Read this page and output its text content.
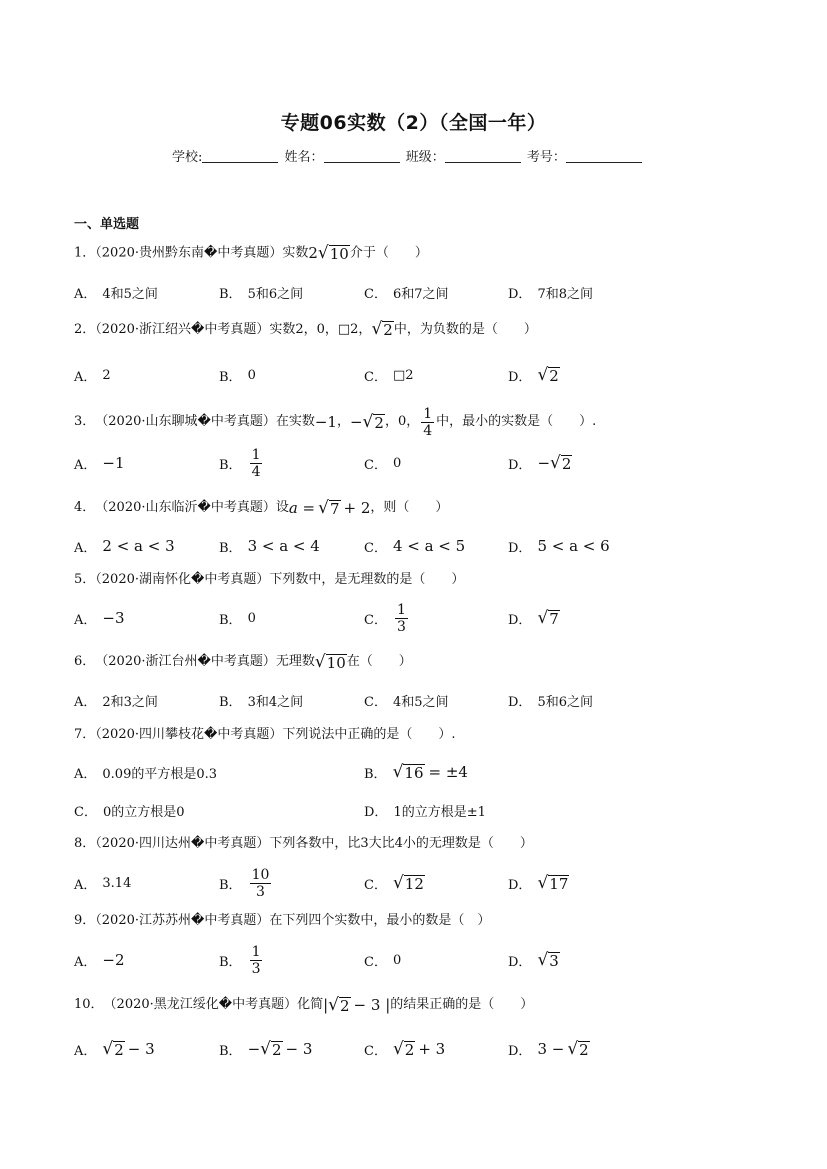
专题06实数（2）（全国一年）
学校:	姓名：	班级：	考号：
一、单选题
1．（2020·贵州黔东南�中考真题）实数 2 √ 10 介于（　　）
A． 4和5之间	B． 5和6之间	C． 6和7之间	D． 7和8之间
2．（2020·浙江绍兴�中考真题）实数2，0，□2， √ 2 中，为负数的是（　　）
A． 2	B． 0	C． □2	D． √ 2
3． （2020·山东聊城�中考真题）在实数 −1 ， − √ 2 ，0， $\frac{1}{4}$ 中，最小的实数是（　　）.
A． −1	B． $\frac{1}{4}$	C． 0	D． − √ 2
4． （2020·山东临沂�中考真题）设 a = √ 7 + 2 ，则（　　）
A． 2 < a < 3	B． 3 < a < 4	C． 4 < a < 5	D． 5 < a < 6
5．（2020·湖南怀化�中考真题）下列数中，是无理数的是（　　）
A． −3	B． 0	C． $\frac{1}{3}$	D． √ 7
6． （2020·浙江台州�中考真题）无理数 √ 10 在（　　）
A． 2和3之间	B． 3和4之间	C． 4和5之间	D． 5和6之间
7．（2020·四川攀枝花�中考真题）下列说法中正确的是（　　）.
A． 0.09的平方根是0.3	B． √ 16 = ±4
C． 0的立方根是0	D． 1的立方根是±1
8．（2020·四川达州�中考真题）下列各数中，比3大比4小的无理数是（　　）
A． 3.14	B． $\frac{10}{3}$	C． √ 12	D． √ 17
9．（2020·江苏苏州�中考真题）在下列四个实数中，最小的数是（　）
A． −2	B． $\frac{1}{3}$	C． 0	D． √ 3
10． （2020·黑龙江绥化�中考真题）化简 | √ 2 − 3 | 的结果正确的是（　　）
A． √ 2 − 3	B． − √ 2 − 3	C． √ 2 + 3	D． 3 − √ 2
